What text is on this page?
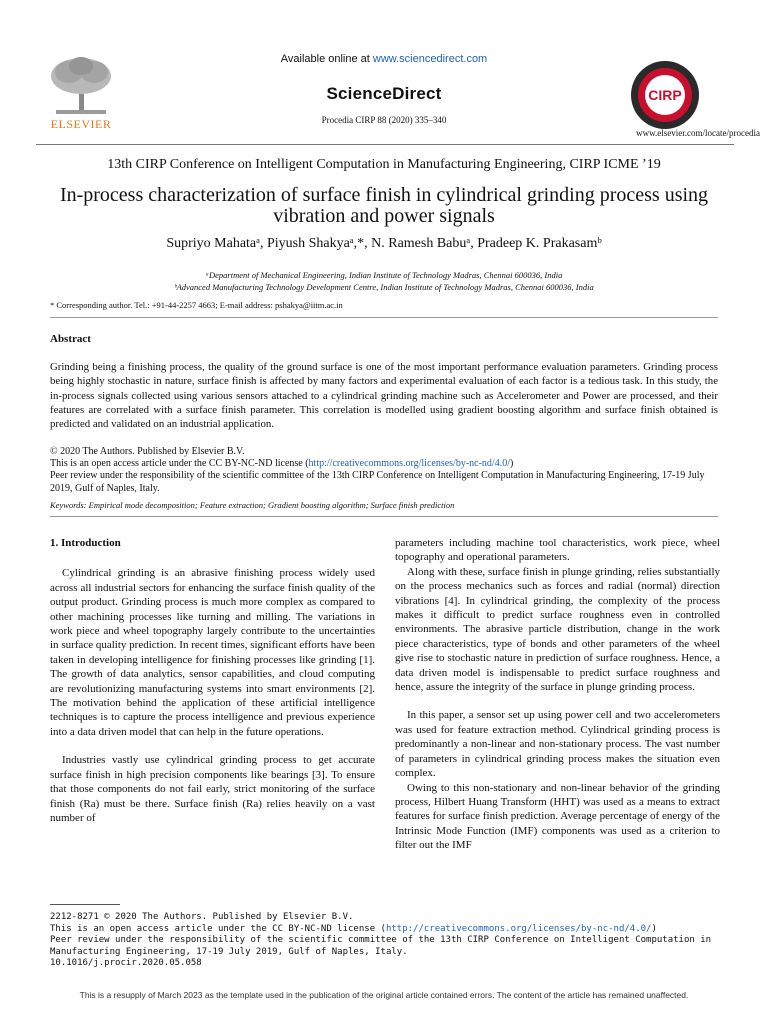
Available online at www.sciencedirect.com
ScienceDirect
Procedia CIRP 88 (2020) 335–340
ELSEVIER
CIRP
www.elsevier.com/locate/procedia
13th CIRP Conference on Intelligent Computation in Manufacturing Engineering, CIRP ICME ’19
In-process characterization of surface finish in cylindrical grinding process using vibration and power signals
Supriyo Mahataᵃ, Piyush Shakyaᵃ,*, N. Ramesh Babuᵃ, Pradeep K. Prakasamᵇ
ᵃDepartment of Mechanical Engineering, Indian Institute of Technology Madras, Chennai 600036, India
ᵇAdvanced Manufacturing Technology Development Centre, Indian Institute of Technology Madras, Chennai 600036, India
* Corresponding author. Tel.: +91-44-2257 4663; E-mail address: pshakya@iitm.ac.in
Abstract
Grinding being a finishing process, the quality of the ground surface is one of the most important performance evaluation parameters. Grinding process being highly stochastic in nature, surface finish is affected by many factors and experimental evaluation of each factor is a tedious task. In this study, the in-process signals collected using various sensors attached to a cylindrical grinding machine such as Accelerometer and Power are processed, and their features are correlated with a surface finish parameter. This correlation is modelled using gradient boosting algorithm and surface finish obtained is predicted and validated on an industrial application.
© 2020 The Authors. Published by Elsevier B.V.
This is an open access article under the CC BY-NC-ND license (http://creativecommons.org/licenses/by-nc-nd/4.0/)
Peer review under the responsibility of the scientific committee of the 13th CIRP Conference on Intelligent Computation in Manufacturing Engineering, 17-19 July 2019, Gulf of Naples, Italy.
Keywords: Empirical mode decomposition; Feature extraction; Gradient boosting algorithm; Surface finish prediction
1. Introduction

Cylindrical grinding is an abrasive finishing process widely used across all industrial sectors for enhancing the surface finish quality of the output product. Grinding process is much more complex as compared to other machining processes like turning and milling. The variations in work piece and wheel topography largely contribute to the uncertainties in surface quality prediction. In recent times, significant efforts have been taken in developing intelligence for finishing processes like grinding [1]. The growth of data analytics, sensor capabilities, and cloud computing are revolutionizing manufacturing systems into smart environments [2]. The motivation behind the application of these artificial intelligence techniques is to capture the process intelligence and previous experience into a data driven model that can help in the future operations.

Industries vastly use cylindrical grinding process to get accurate surface finish in high precision components like bearings [3]. To ensure that those components do not fail early, strict monitoring of the surface finish (Ra) must be there. Surface finish (Ra) relies heavily on a vast number of

parameters including machine tool characteristics, work piece, wheel topography and operational parameters.

Along with these, surface finish in plunge grinding, relies substantially on the process mechanics such as forces and radial (normal) direction vibrations [4]. In cylindrical grinding, the complexity of the process makes it difficult to predict surface roughness even in controlled environments. The abrasive particle distribution, change in the work piece characteristics, type of bonds and other parameters of the wheel give rise to stochastic nature in prediction of surface roughness. Hence, a data driven model is indispensable to predict surface roughness and hence, assure the integrity of the surface in plunge grinding process.

In this paper, a sensor set up using power cell and two accelerometers was used for feature extraction method. Cylindrical grinding process is predominantly a non-linear and non-stationary process. The vast number of parameters in cylindrical grinding process makes the situation even complex.

Owing to this non-stationary and non-linear behavior of the grinding process, Hilbert Huang Transform (HHT) was used as a means to extract features for surface finish prediction. Average percentage of energy of the Intrinsic Mode Function (IMF) components was used as a criterion to filter out the IMF

2212-8271 © 2020 The Authors. Published by Elsevier B.V.
This is an open access article under the CC BY-NC-ND license (http://creativecommons.org/licenses/by-nc-nd/4.0/)
Peer review under the responsibility of the scientific committee of the 13th CIRP Conference on Intelligent Computation in Manufacturing Engineering, 17-19 July 2019, Gulf of Naples, Italy.
10.1016/j.procir.2020.05.058
This is a resupply of March 2023 as the template used in the publication of the original article contained errors. The content of the article has remained unaffected.
